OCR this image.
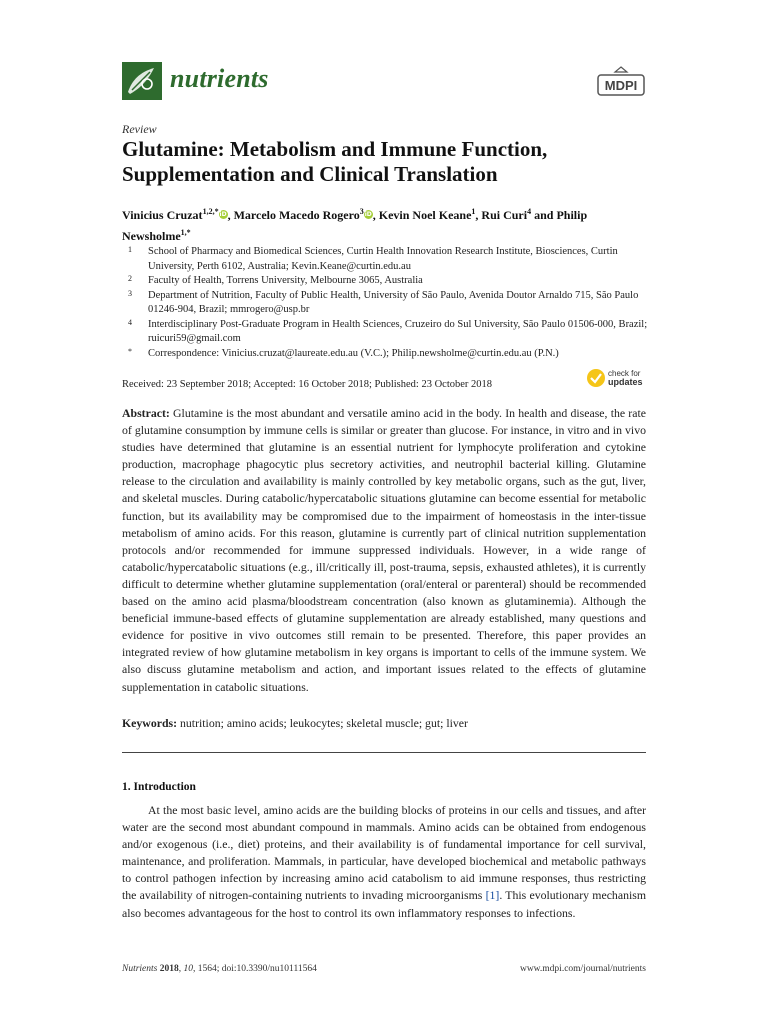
nutrients	MDPI
Review
Glutamine: Metabolism and Immune Function, Supplementation and Clinical Translation
Vinicius Cruzat$^{1,2,*}$iD, Marcelo Macedo Rogero$^3$iD, Kevin Noel Keane$^1$, Rui Curi$^4$ and Philip Newsholme$^{1,*}$
1 School of Pharmacy and Biomedical Sciences, Curtin Health Innovation Research Institute, Biosciences, Curtin University, Perth 6102, Australia; Kevin.Keane@curtin.edu.au
2 Faculty of Health, Torrens University, Melbourne 3065, Australia
3 Department of Nutrition, Faculty of Public Health, University of São Paulo, Avenida Doutor Arnaldo 715, São Paulo 01246-904, Brazil; mmrogero@usp.br
4 Interdisciplinary Post-Graduate Program in Health Sciences, Cruzeiro do Sul University, São Paulo 01506-000, Brazil; ruicuri59@gmail.com
* Correspondence: Vinicius.cruzat@laureate.edu.au (V.C.); Philip.newsholme@curtin.edu.au (P.N.)
Received: 23 September 2018; Accepted: 16 October 2018; Published: 23 October 2018
check for
updates
Abstract: Glutamine is the most abundant and versatile amino acid in the body. In health and disease, the rate of glutamine consumption by immune cells is similar or greater than glucose. For instance, in vitro and in vivo studies have determined that glutamine is an essential nutrient for lymphocyte proliferation and cytokine production, macrophage phagocytic plus secretory activities, and neutrophil bacterial killing. Glutamine release to the circulation and availability is mainly controlled by key metabolic organs, such as the gut, liver, and skeletal muscles. During catabolic/hypercatabolic situations glutamine can become essential for metabolic function, but its availability may be compromised due to the impairment of homeostasis in the inter-tissue metabolism of amino acids. For this reason, glutamine is currently part of clinical nutrition supplementation protocols and/or recommended for immune suppressed individuals. However, in a wide range of catabolic/hypercatabolic situations (e.g., ill/critically ill, post-trauma, sepsis, exhausted athletes), it is currently difficult to determine whether glutamine supplementation (oral/enteral or parenteral) should be recommended based on the amino acid plasma/bloodstream concentration (also known as glutaminemia). Although the beneficial immune-based effects of glutamine supplementation are already established, many questions and evidence for positive in vivo outcomes still remain to be presented. Therefore, this paper provides an integrated review of how glutamine metabolism in key organs is important to cells of the immune system. We also discuss glutamine metabolism and action, and important issues related to the effects of glutamine supplementation in catabolic situations.
Keywords: nutrition; amino acids; leukocytes; skeletal muscle; gut; liver
1. Introduction
At the most basic level, amino acids are the building blocks of proteins in our cells and tissues, and after water are the second most abundant compound in mammals. Amino acids can be obtained from endogenous and/or exogenous (i.e., diet) proteins, and their availability is of fundamental importance for cell survival, maintenance, and proliferation. Mammals, in particular, have developed biochemical and metabolic pathways to control pathogen infection by increasing amino acid catabolism to aid immune responses, thus restricting the availability of nitrogen-containing nutrients to invading microorganisms [1]. This evolutionary mechanism also becomes advantageous for the host to control its own inflammatory responses to infections.
Nutrients 2018, 10, 1564; doi:10.3390/nu10111564	www.mdpi.com/journal/nutrients
